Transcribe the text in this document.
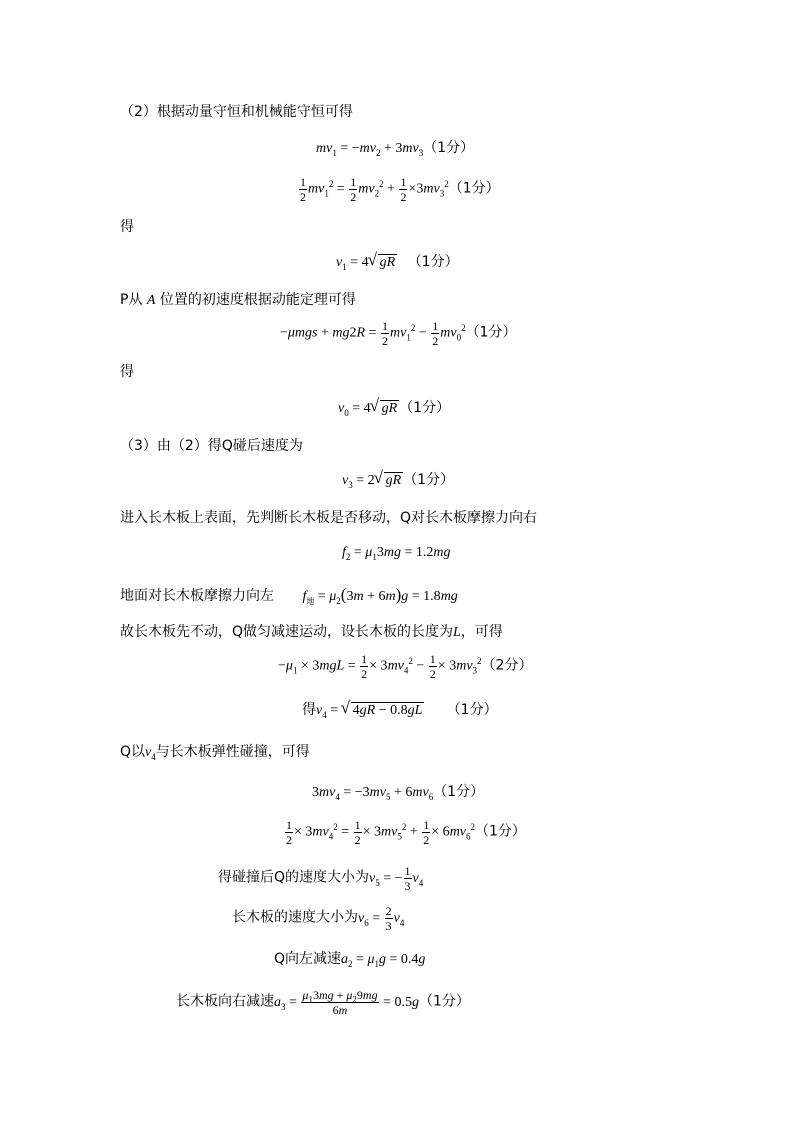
（2）根据动量守恒和机械能守恒可得
$mv_1 = -mv_2 + 3mv_3(1$分）
$\frac{1}{2} mv_1^2 = \frac{1}{2} mv_2^2 + \frac{1}{2} \times 3mv_3^2(1$分）
得
$v_1 = 4√$ gR （1分）
P从 A 位置的初速度根据动能定理可得
$-\mu mgs + mg2R = \frac{1}{2} mv_1^2 - \frac{1}{2} mv_0^2(1$分）
得
$v_0 = 4√$ gR （1分）
（3）由（2）得Q碰后速度为
$v_3 = 2√$ gR （1分）
进入长木板上表面，先判断长木板是否移动，Q对长木板摩擦力向右
$f_2 = \mu_13mg = 1.2mg$
地面对长木板摩擦力向左 $f_地 = \mu_2(3m + 6m)g = 1.8mg$
故长木板先不动，Q做匀减速运动，设长木板的长度为L，可得
$-\mu_1 \times 3mgL = \frac{1}{2} \times 3mv_4^2 - \frac{1}{2} \times 3mv_3^2(2$分）
得$v_4$ = √ 4gR − 0.8gL （1分）
Q以$v_4$与长木板弹性碰撞，可得
$3mv_4 = -3mv_5 + 6mv_6(1$分）
$\frac{1}{2} \times 3mv_4^2 = \frac{1}{2} \times 3mv_5^2 + \frac{1}{2} \times 6mv_6^2(1$分）
得碰撞后Q的速度大小为$v_5$ = − $\frac{1}{3} v_4$
长木板的速度大小为$v_6 = \frac{2}{3} v_4$
Q向左减速$a_2 = \mu_1g = 0.4g$
长木板向右减速$a_3 = \frac{\mu_13mg + \mu_29mg}{6m} = 0.5g(1$分）
